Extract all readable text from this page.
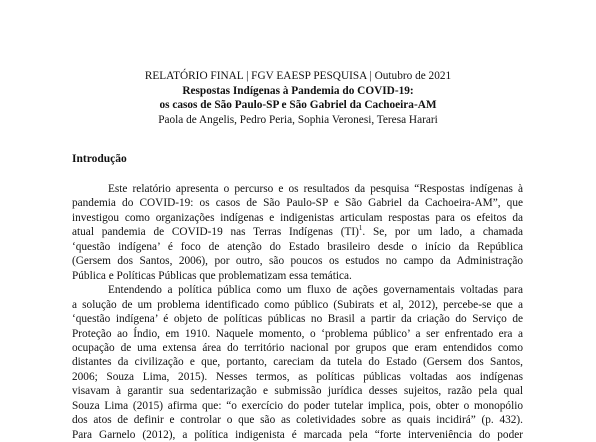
RELATÓRIO FINAL | FGV EAESP PESQUISA | Outubro de 2021
Respostas Indígenas à Pandemia do COVID-19:
os casos de São Paulo-SP e São Gabriel da Cachoeira-AM
Paola de Angelis, Pedro Peria, Sophia Veronesi, Teresa Harari
Introdução
Este relatório apresenta o percurso e os resultados da pesquisa “Respostas indígenas à
pandemia do COVID-19: os casos de São Paulo-SP e São Gabriel da Cachoeira-AM”, que
investigou como organizações indígenas e indigenistas articulam respostas para os efeitos da
atual pandemia de COVID-19 nas Terras Indígenas (TI)$^1$. Se, por um lado, a chamada
‘questão indígena’ é foco de atenção do Estado brasileiro desde o início da República
(Gersem dos Santos, 2006), por outro, são poucos os estudos no campo da Administração
Pública e Políticas Públicas que problematizam essa temática.
Entendendo a política pública como um fluxo de ações governamentais voltadas para
a solução de um problema identificado como público (Subirats et al, 2012), percebe-se que a
‘questão indígena’ é objeto de políticas públicas no Brasil a partir da criação do Serviço de
Proteção ao Índio, em 1910. Naquele momento, o ‘problema público’ a ser enfrentado era a
ocupação de uma extensa área do território nacional por grupos que eram entendidos como
distantes da civilização e que, portanto, careciam da tutela do Estado (Gersem dos Santos,
2006; Souza Lima, 2015). Nesses termos, as políticas públicas voltadas aos indígenas
visavam à garantir sua sedentarização e submissão jurídica desses sujeitos, razão pela qual
Souza Lima (2015) afirma que: “o exercício do poder tutelar implica, pois, obter o monopólio
dos atos de definir e controlar o que são as coletividades sobre as quais incidirá” (p. 432).
Para Garnelo (2012), a política indigenista é marcada pela “forte interveniência do poder
